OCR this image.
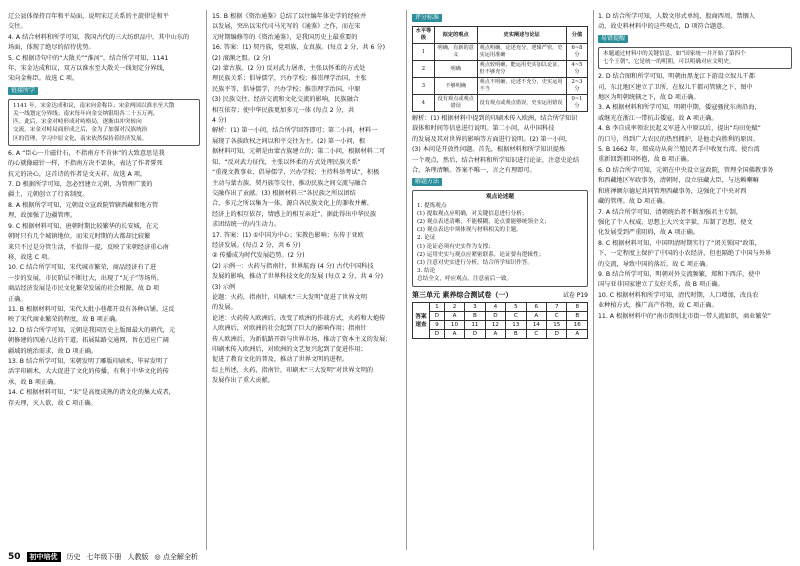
辽公县体保持百年和平局面，说明宋辽关系的主旋律是和平

交往。

4. A 结合材料和所学可知，我国古代的三大纺织品中，其中山东的

场面，体现了绝尽的招待优势。

5. C 根据诗句中的“大散关”“淮河”，结合所学可知，1141

年，宋金达成和议，双方以淮水至大散关一线划定分界线，

宋向金称臣。故选 C 项。

链接所学
1141 年，宋金达成和议，南宋向金称臣；宋金两国以淮水至大散
关一线划定分界线；南宋每年向金交纳银绢各二十五万两，
匹。此后，宋金对峙形成对峙格局，逐渐由冲突转向
交流。宋金对峙局面形成之后，金为了加强对汉族统治
区的管理，学习中原文化，南宋依然保持着经济发展。

6. A “臣心一片磁针石，不指南方不肯休”的大致意思是我

的心就像磁针一样，不指南方决不罢休，表达了作者誓死

抗元的决心，这首诗的作者是文天祥。故选 A 项。

7. D 根据所学可知，忽必烈建立元朝，为管理广袤的

疆土，元朝创立了行省制度。

8. A 根据所学可知，元朝设立宣政院管辖西藏和地方管

理，故加强了边疆管理。

9. C 根据材料可知，唐朝时期比较繁华的长安城，在元

朝时只有几个城镇地位，而宋元时期的大都却比较繁

来只不过是分管生活，不值得一提，反映了宋朝经济重心南

移，故选 C 项。

10. C 结合所学可知，宋代城市繁荣，商品经济有了进

一步的发展，市民阶层不断壮大，出现了“瓦子”等场所。

商品经济发展是市民文化繁荣发展的社会根源，故 D 项

正确。

11. B 根据材料可知，宋代大批小巷都开设有各种店铺，这反

映了宋代商业繁荣的程度，故 B 项正确。

12. D 结合所学可知，元朝是我国历史上版图最大的朝代，元

朝修建的四通八达的干道，拓展陆路交通网，旨在适应广阔

疆域的统治需求，故 D 项正确。

13. B 结合所学可知，宋朝发明了雕版印刷术，毕昇发明了

活字印刷术，大大促进了文化的传播，有利于中华文化的传

承，故 B 项正确。

14. C 根据材料可知，“宋”是高度成熟的诸文化的集大成者，

存天理，灭人欲，故 C 项正确。

15. B 根据《资治通鉴》总结了以往编年体史学的经验并

以发展，突出以宋代司马光写的《通鉴》之作，而在宋

元时期编修等的《资治通鉴》，是我国历史上最重要的

16. 答案：(1) 契丹族，党项族，女真族。(每点 2 分，共 6 分)

(2) 澶渊之盟。(2 分)

(2) 蒙古族。(2 分) 反对武力屠杀，主张以怀柔的方式处

理民族关系；倡导儒学，兴办学校；推崇理学治国，主张

民族平等，倡导儒学，兴办学校；推崇理学治国，中原

(3) 民族交往、经济交流和文化交流的影响，民族融合

相互依存；使中华民族更加多元一体 (每点 2 分，共

4 分)

解析：(1) 第一小问，结合所学回答即可；第二小问，材料一

展现了各族政权之间以和平交往为主。(2) 第一小问，根

据材料可知，元朝是由蒙古族建立的；第二小问，根据材料二可

知，“反对武力征伐，主张以怀柔的方式处理民族关系”

“重视文教事业、倡导儒学，兴办学校；主持科举考试”，积极

主动与蒙古族、契丹族等交往，推动民族之间交流与融合

交融作出了贡献。(3) 根据材料三“各民族之所以团结

合，多元之所以集为一体，源自各民族文化上的兼收并蓄、

经济上的相互依存，情感上的相互亲近”，据此得出中华民族

求团结统一的内生动力。

17. 答案：(1) ①中国为中心；宋教色影响；东传于亚欧

经济发展。(每点 2 分，共 6 分)

② 传播成为时代发展趋势。(2 分)

(2) 示例一：火药与指南针，世界航海 (4 分) 古代中国科技

发展的影响，推动了世界科技文化的发展 (每点 2 分，共 4 分)

(3) 示例

论题：火药，指南针，印刷术“三大发明”促进了世界文明

的发展。

论述：火药传入欧洲后，改变了欧洲的作战方式，火药和大炮传

人欧洲后，对欧洲的社会起到了巨大的影响作用；指南针

传人欧洲后，为新航路开辟与世界市场，推动了资本主义的发展；

印刷术传入欧洲后，对欧洲的文艺复兴起到了促进作用；

促进了教育文化的普及，推动了世界文明的进程。

综上所述，火药，指南针，印刷术“三大发明”对世界文明的

发展作出了重大贡献。

评分标准
水平等级	拟定的观点	史实阐述与论证	分值
1	明确，有新的意义	观点明确，论述充分，逻辑严密，史实运用准确	6~8 分
2	明确	观点较明确，能运用史实加以论证，但不够充分	4~5 分
3	不够明确	观点不明确，论述不充分，史实运用不当	2~3 分
4	没有观点或观点错误	没有观点或观点错误，史实运用错误	0~1 分

解析：(1) 根据材料中提到的印刷术传入欧洲，结合所学知识

载体和时间等信息进行说明。第二小问，从中国科技

的发展及其对世界的影响等方面进行说明。(2) 第一小问，

(3) 本问是开放性问题。首先，根据材料和所学知识提炼

一个观点，然后，结合材料和所学知识进行论证，注意史论结

合，条理清晰。答案不唯一，言之有理即可。

解题方法
观点论述题
1. 提炼观点
(1) 提取观点应明确，对关键信息进行分析；
(2) 观点表述清晰，不能模糊，论点要能够统领全文；
(3) 观点表达中须体现与材料相关的主题。
2. 论证
(1) 论证必须有史实作为支撑；
(2) 运用史实与观点应紧密联系，论证要有逻辑性；
(3) 注意对史实进行分析，结合所学知识作答。
3. 结论
总结全文，呼应观点，注意前后一致。
第三单元 素养综合测试卷（一）	试卷 P19
答案速查	1	2	3	4	5	6	7	8
	D	A	B	D	C	A	C	B
	9	10	11	12	13	14	15	16
	D	A	D	A	B	C	D	A

1. D 结合所学可知，人数文形式单纯，股商西周，禁锢人

动，故史料材料中的这些观点，D 项符合题意。

易错提醒
本题通过材料中的关键信息，如“国家统一并开始了第四个
七个王朝”，它是统一的明朝，可以明确对应文明史。

2. D 结合图和所学可知，明朝由黑龙江下游设立奴儿干都

司，东北地区建立了卫所，在奴儿干都司管辖之下，图中

地区为明朝统辖之下，故 D 项正确。

3. A 根据材料和所学可知，明朝中期，倭寇骚扰东南沿海，

戚继光在浙江一带抗击倭寇，故 A 项正确。

4. B 李自成率领农民起义军进入中原以后，提出“均田免赋”

的口号，得到广大农民的热烈拥护，是他走向胜利的原因。

5. B 1662 年，郑成功从荷兰殖民者手中收复台湾，使台湾

重新回到祖国怀抱，故 B 项正确。

6. D 结合所学可知，元朝在中央设立宣政院，管理全国佛教事务

和西藏地区军政事务，清朝时，设立驻藏大臣，与达赖喇嘛

和班禅额尔德尼共同管理西藏事务，这强化了中央对西

藏的管理。故 D 项正确。

7. A 结合所学可知，清朝统治者不断加强君主专制，

强化了个人权威，思想上大兴文字狱，压制了思想，使文

化发展受到严重阻碍，故 A 项正确。

8. C 根据材料可知，中国明清时期实行了“闭关锁国”政策，

下，一定程度上保护了中国的小农经济，但也隔绝了中国与外界

的交流，导致中国的落后，故 C 项正确。

9. B 结合所学可知，明朝对外交流频繁，郑和下西洋，使中

国与亚非国家建立了友好关系，故 B 项正确。

10. C 根据材料和所学可知，清代时期，人口增加，改良农

业种植方式，推广高产作物，故 C 项正确。

11. A 根据材料中的“南市街则北市街一带人流如织，商业繁荣”

50	初中培优	历史 七年级下册 人教版 ◎ 点全解全析
